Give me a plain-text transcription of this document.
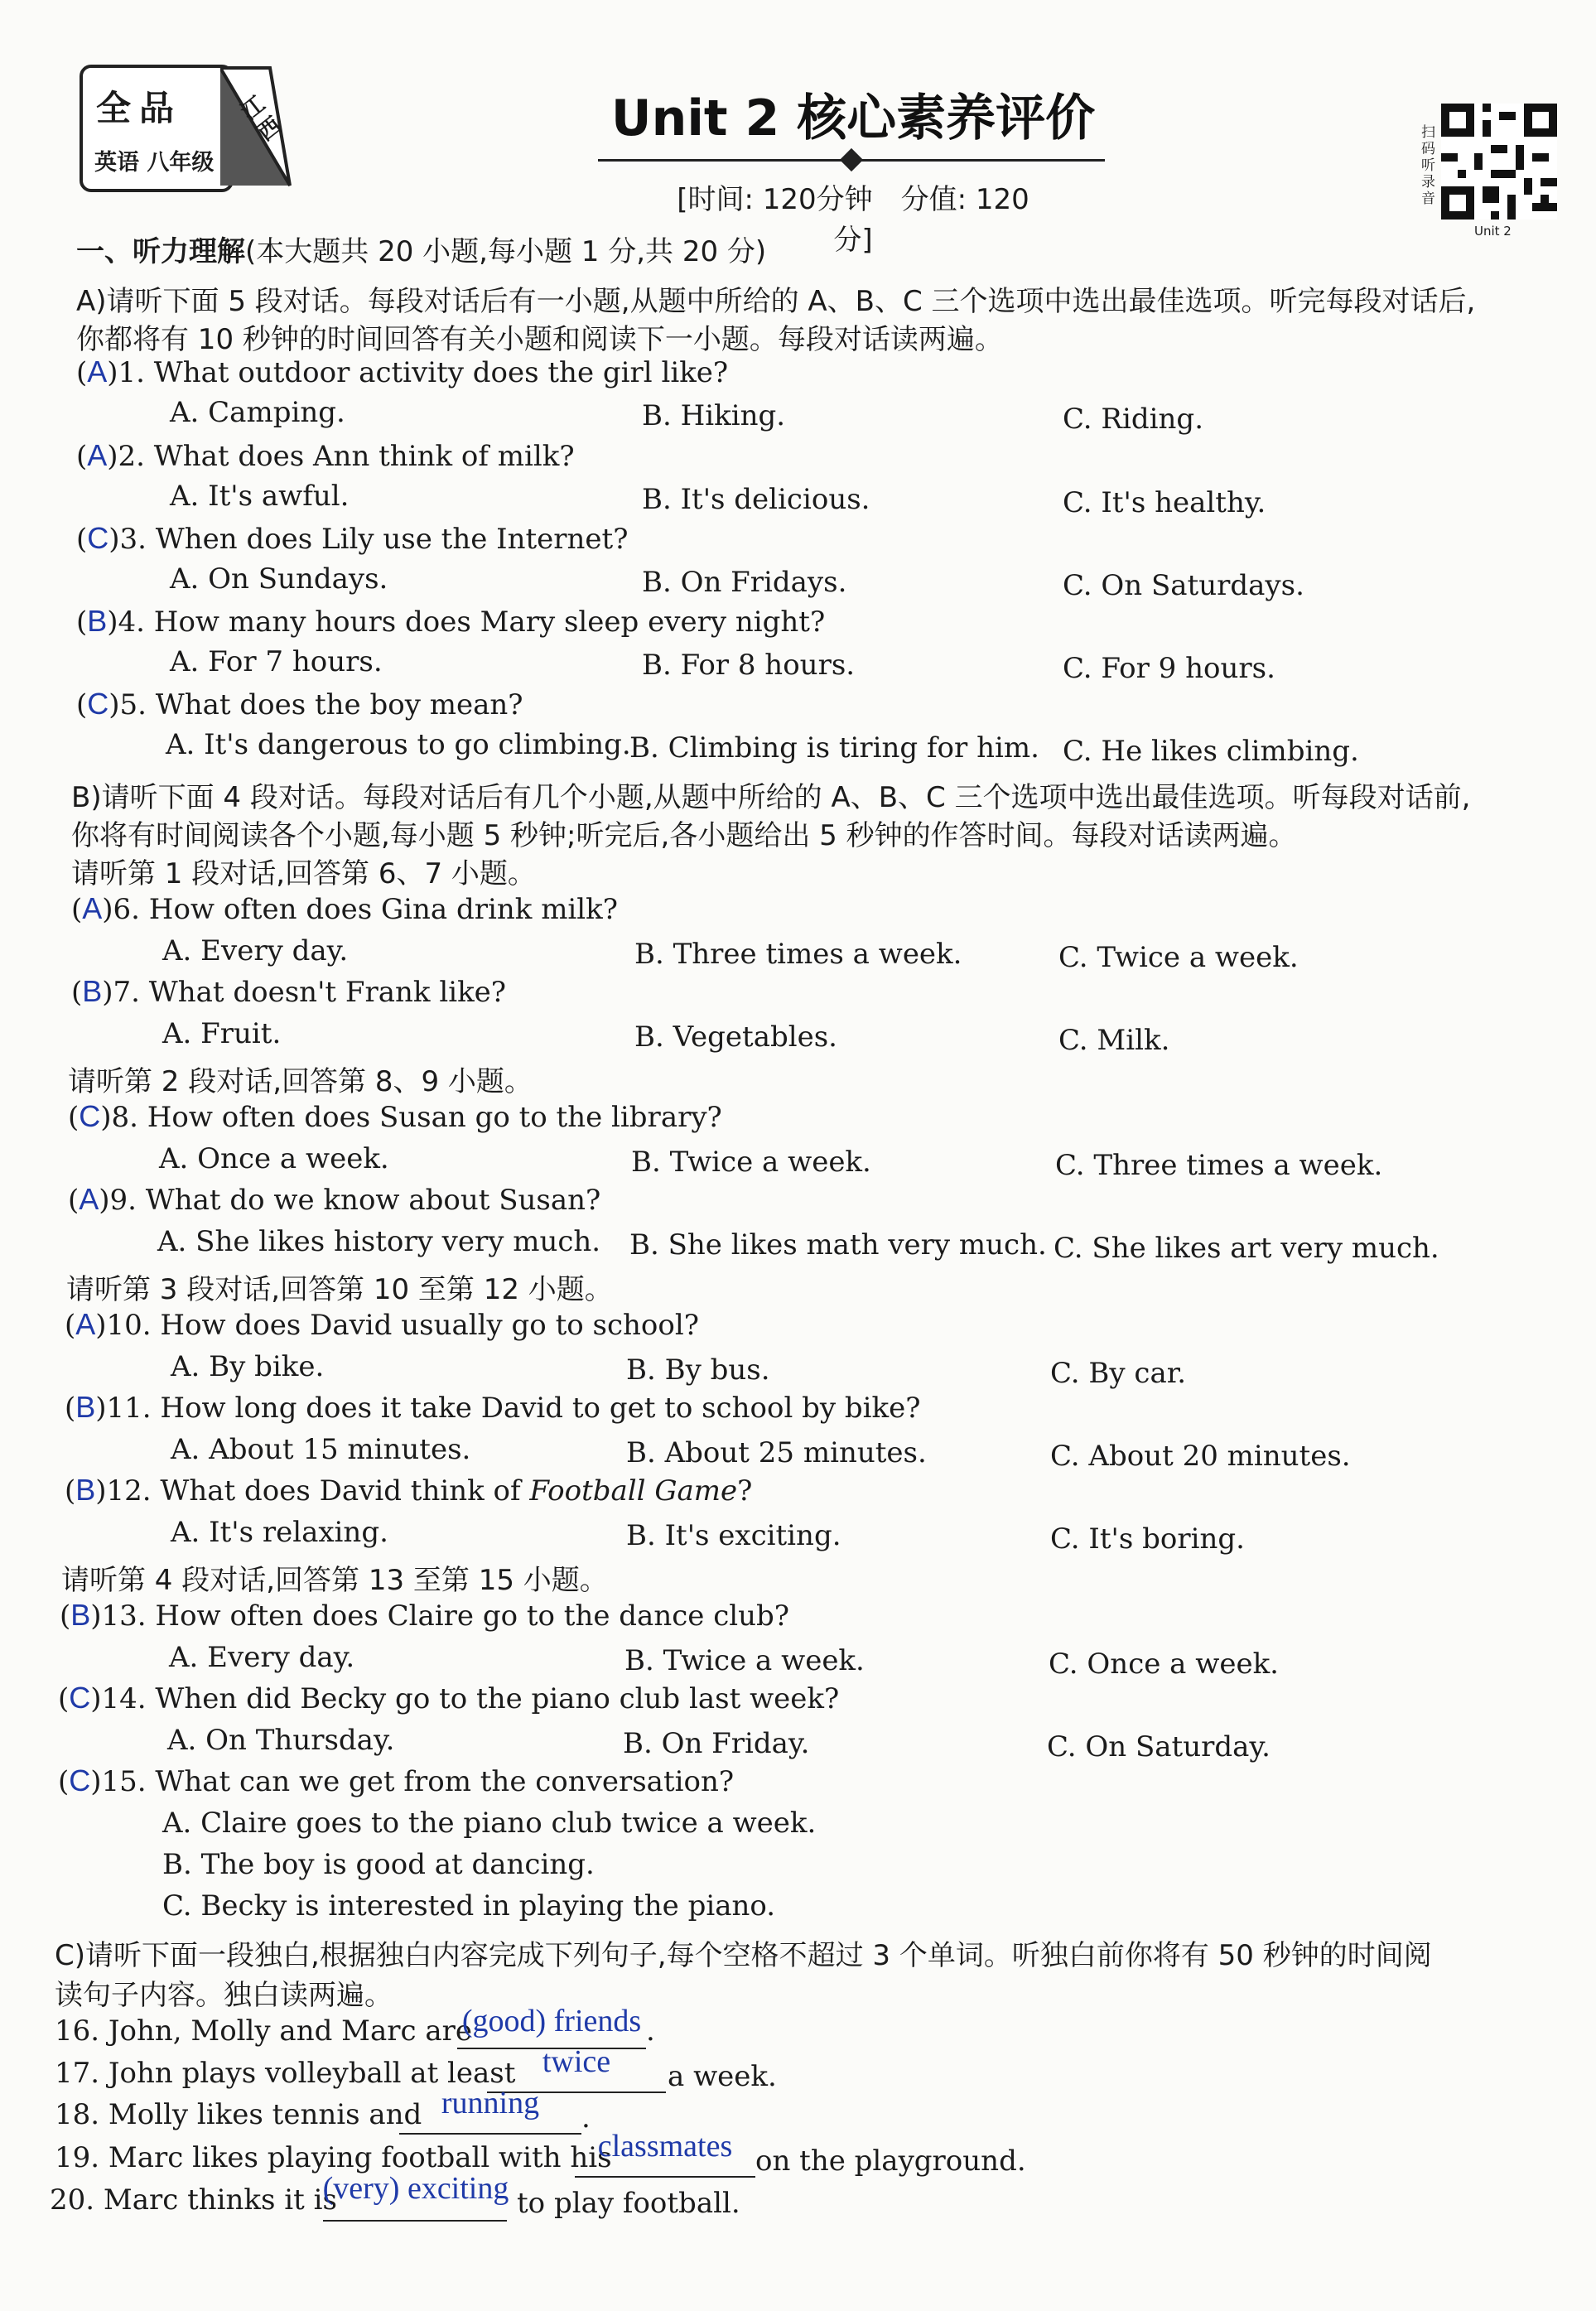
全品
英语 八年级
江西	Unit 2 核心素养评价
[时间: 120分钟　分值: 120分]
扫码听录音
Unit 2
一、听力理解(本大题共 20 小题,每小题 1 分,共 20 分)
A)请听下面 5 段对话。每段对话后有一小题,从题中所给的 A、B、C 三个选项中选出最佳选项。听完每段对话后,
你都将有 10 秒钟的时间回答有关小题和阅读下一小题。每段对话读两遍。
(A)1. What outdoor activity does the girl like?
A. Camping.	B. Hiking.	C. Riding.
(A)2. What does Ann think of milk?
A. It's awful.	B. It's delicious.	C. It's healthy.
(C)3. When does Lily use the Internet?
A. On Sundays.	B. On Fridays.	C. On Saturdays.
(B)4. How many hours does Mary sleep every night?
A. For 7 hours.	B. For 8 hours.	C. For 9 hours.
(C)5. What does the boy mean?
A. It's dangerous to go climbing.
B. Climbing is tiring for him. C. He likes climbing.
B)请听下面 4 段对话。每段对话后有几个小题,从题中所给的 A、B、C 三个选项中选出最佳选项。听每段对话前,
你将有时间阅读各个小题,每小题 5 秒钟;听完后,各小题给出 5 秒钟的作答时间。每段对话读两遍。
请听第 1 段对话,回答第 6、7 小题。
(A)6. How often does Gina drink milk?
A. Every day.	B. Three times a week.	C. Twice a week.
(B)7. What doesn't Frank like?
A. Fruit.	B. Vegetables.	C. Milk.
请听第 2 段对话,回答第 8、9 小题。
(C)8. How often does Susan go to the library?
A. Once a week.	B. Twice a week.	C. Three times a week.
(A)9. What do we know about Susan?
A. She likes history very much. B. She likes math very much. C. She likes art very much.
请听第 3 段对话,回答第 10 至第 12 小题。
(A)10. How does David usually go to school?
A. By bike.	B. By bus.	C. By car.
(B)11. How long does it take David to get to school by bike?
A. About 15 minutes.	B. About 25 minutes.	C. About 20 minutes.
(B)12. What does David think of Football Game?
A. It's relaxing.	B. It's exciting.	C. It's boring.
请听第 4 段对话,回答第 13 至第 15 小题。
(B)13. How often does Claire go to the dance club?
A. Every day.	B. Twice a week.	C. Once a week.
(C)14. When did Becky go to the piano club last week?
A. On Thursday.	B. On Friday.	C. On Saturday.
(C)15. What can we get from the conversation?
A. Claire goes to the piano club twice a week.
B. The boy is good at dancing.
C. Becky is interested in playing the piano.
C)请听下面一段独白,根据独白内容完成下列句子,每个空格不超过 3 个单词。听独白前你将有 50 秒钟的时间阅
读句子内容。独白读两遍。
16. John, Molly and Marc are
(good) friends .
17. John plays volleyball at least twice	a week.
18. Molly likes tennis and running	.
19. Marc likes playing football with his
classmates on the playground.
20. Marc thinks it is
(very) exciting to play football.
